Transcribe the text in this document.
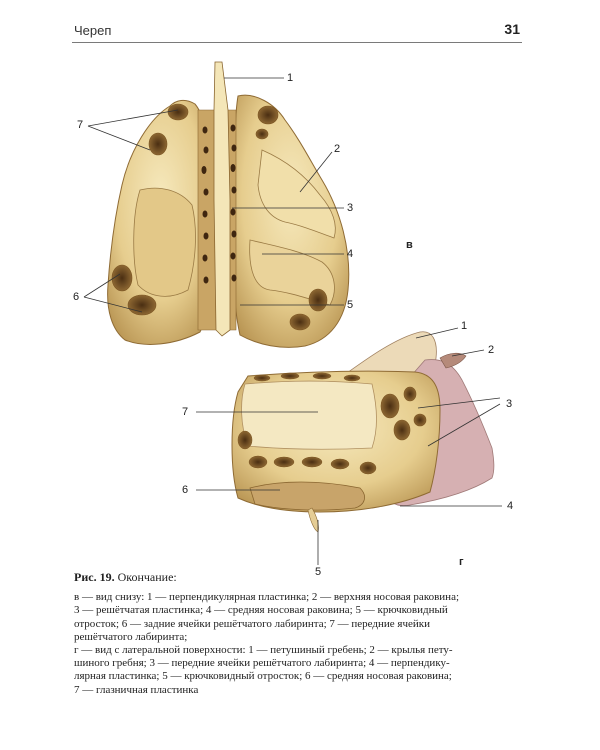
Череп	31
1
2
3
4
5
6
7
в
1
2
3
4
5
6
7
г
Рис. 19. Окончание:

в — вид снизу: 1 — перпендикулярная пластинка; 2 — верхняя носовая раковина;

3 — решётчатая пластинка; 4 — средняя носовая раковина; 5 — крючковидный

отросток; 6 — задние ячейки решётчатого лабиринта; 7 — передние ячейки

решётчатого лабиринта;

г — вид с латеральной поверхности: 1 — петушиный гребень; 2 — крылья пету-

шиного гребня; 3 — передние ячейки решётчатого лабиринта; 4 — перпендику-

лярная пластинка; 5 — крючковидный отросток; 6 — средняя носовая раковина;

7 — глазничная пластинка
